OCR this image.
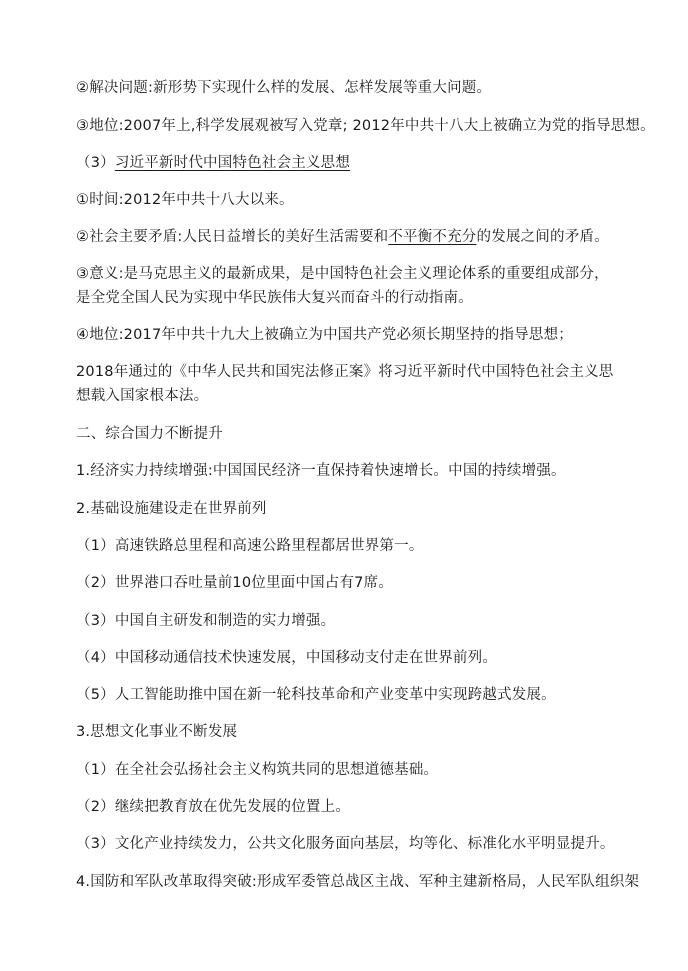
②解决问题:新形势下实现什么样的发展、怎样发展等重大问题。
③地位:2007年上,科学发展观被写入党章; 2012年中共十八大上被确立为党的指导思想。
（3）习近平新时代中国特色社会主义思想
①时间:2012年中共十八大以来。
②社会主要矛盾:人民日益增长的美好生活需要和不平衡不充分的发展之间的矛盾。
③意义:是马克思主义的最新成果，是中国特色社会主义理论体系的重要组成部分，是全党全国人民为实现中华民族伟大复兴而奋斗的行动指南。
④地位:2017年中共十九大上被确立为中国共产党必须长期坚持的指导思想；
2018年通过的《中华人民共和国宪法修正案》将习近平新时代中国特色社会主义思想载入国家根本法。
二、综合国力不断提升
1.经济实力持续增强:中国国民经济一直保持着快速增长。中国的持续增强。
2.基础设施建设走在世界前列
（1）高速铁路总里程和高速公路里程都居世界第一。
（2）世界港口吞吐量前10位里面中国占有7席。
（3）中国自主研发和制造的实力增强。
（4）中国移动通信技术快速发展，中国移动支付走在世界前列。
（5）人工智能助推中国在新一轮科技革命和产业变革中实现跨越式发展。
3.思想文化事业不断发展
（1）在全社会弘扬社会主义构筑共同的思想道德基础。
（2）继续把教育放在优先发展的位置上。
（3）文化产业持续发力，公共文化服务面向基层，均等化、标准化水平明显提升。
4.国防和军队改革取得突破:形成军委管总战区主战、军种主建新格局，人民军队组织架
